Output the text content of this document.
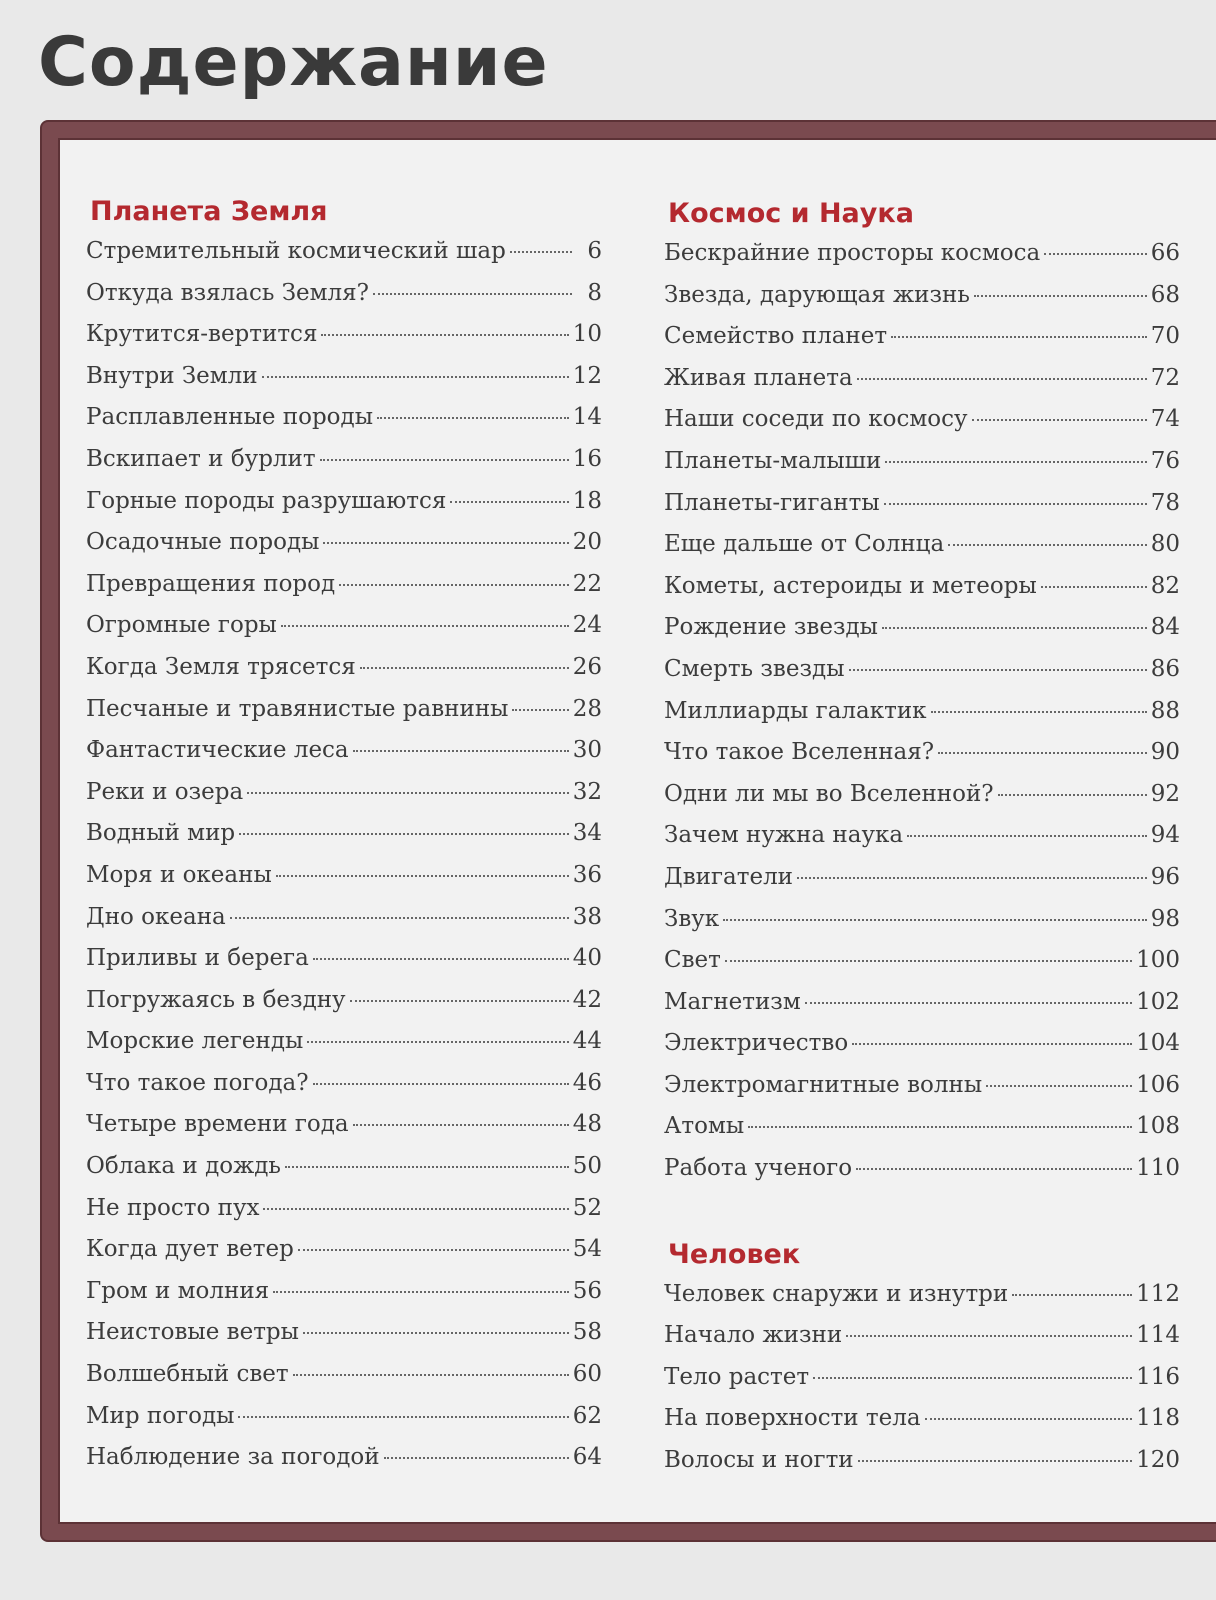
Содержание
Планета Земля
Стремительный космический шар	6
Откуда взялась Земля?	8
Крутится-вертится	10
Внутри Земли	12
Расплавленные породы	14
Вскипает и бурлит	16
Горные породы разрушаются	18
Осадочные породы	20
Превращения пород	22
Огромные горы	24
Когда Земля трясется	26
Песчаные и травянистые равнины	28
Фантастические леса	30
Реки и озера	32
Водный мир	34
Моря и океаны	36
Дно океана	38
Приливы и берега	40
Погружаясь в бездну	42
Морские легенды	44
Что такое погода?	46
Четыре времени года	48
Облака и дождь	50
Не просто пух	52
Когда дует ветер	54
Гром и молния	56
Неистовые ветры	58
Волшебный свет	60
Мир погоды	62
Наблюдение за погодой	64
Космос и Наука
Бескрайние просторы космоса	66
Звезда, дарующая жизнь	68
Семейство планет	70
Живая планета	72
Наши соседи по космосу	74
Планеты-малыши	76
Планеты-гиганты	78
Еще дальше от Солнца	80
Кометы, астероиды и метеоры	82
Рождение звезды	84
Смерть звезды	86
Миллиарды галактик	88
Что такое Вселенная?	90
Одни ли мы во Вселенной?	92
Зачем нужна наука	94
Двигатели	96
Звук	98
Свет	100
Магнетизм	102
Электричество	104
Электромагнитные волны	106
Атомы	108
Работа ученого	110
Человек
Человек снаружи и изнутри	112
Начало жизни	114
Тело растет	116
На поверхности тела	118
Волосы и ногти	120
